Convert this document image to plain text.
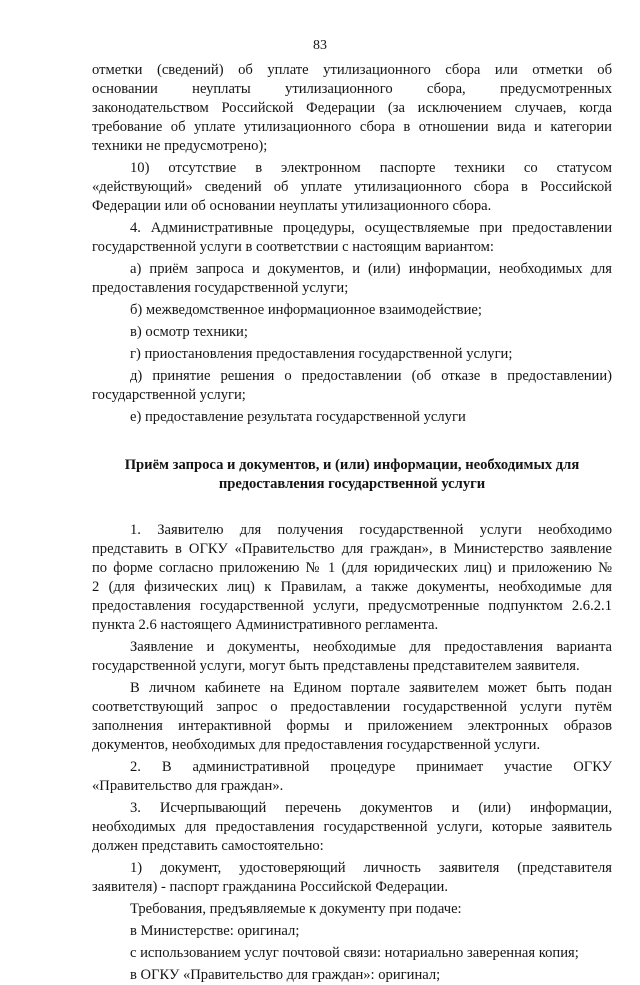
83

отметки (сведений) об уплате утилизационного сбора или отметки об

основании неуплаты утилизационного сбора, предусмотренных

законодательством Российской Федерации (за исключением случаев, когда

требование об уплате утилизационного сбора в отношении вида и категории

техники не предусмотрено);

10) отсутствие в электронном паспорте техники со статусом

«действующий» сведений об уплате утилизационного сбора в Российской

Федерации или об основании неуплаты утилизационного сбора.

4. Административные процедуры, осуществляемые при предоставлении

государственной услуги в соответствии с настоящим вариантом:

а) приём запроса и документов, и (или) информации, необходимых для

предоставления государственной услуги;

б) межведомственное информационное взаимодействие;

в) осмотр техники;

г) приостановления предоставления государственной услуги;

д) принятие решения о предоставлении (об отказе в предоставлении)

государственной услуги;

е) предоставление результата государственной услуги

Приём запроса и документов, и (или) информации, необходимых для
предоставления государственной услуги

1. Заявителю для получения государственной услуги необходимо

представить в ОГКУ «Правительство для граждан», в Министерство заявление

по форме согласно приложению № 1 (для юридических лиц) и приложению №

2 (для физических лиц) к Правилам, а также документы, необходимые для

предоставления государственной услуги, предусмотренные подпунктом 2.6.2.1

пункта 2.6 настоящего Административного регламента.

Заявление и документы, необходимые для предоставления варианта

государственной услуги, могут быть представлены представителем заявителя.

В личном кабинете на Едином портале заявителем может быть подан

соответствующий запрос о предоставлении государственной услуги путём

заполнения интерактивной формы и приложением электронных образов

документов, необходимых для предоставления государственной услуги.

2. В административной процедуре принимает участие ОГКУ

«Правительство для граждан».

3. Исчерпывающий перечень документов и (или) информации,

необходимых для предоставления государственной услуги, которые заявитель

должен представить самостоятельно:

1) документ, удостоверяющий личность заявителя (представителя

заявителя) - паспорт гражданина Российской Федерации.

Требования, предъявляемые к документу при подаче:

в Министерстве: оригинал;

с использованием услуг почтовой связи: нотариально заверенная копия;

в ОГКУ «Правительство для граждан»: оригинал;
